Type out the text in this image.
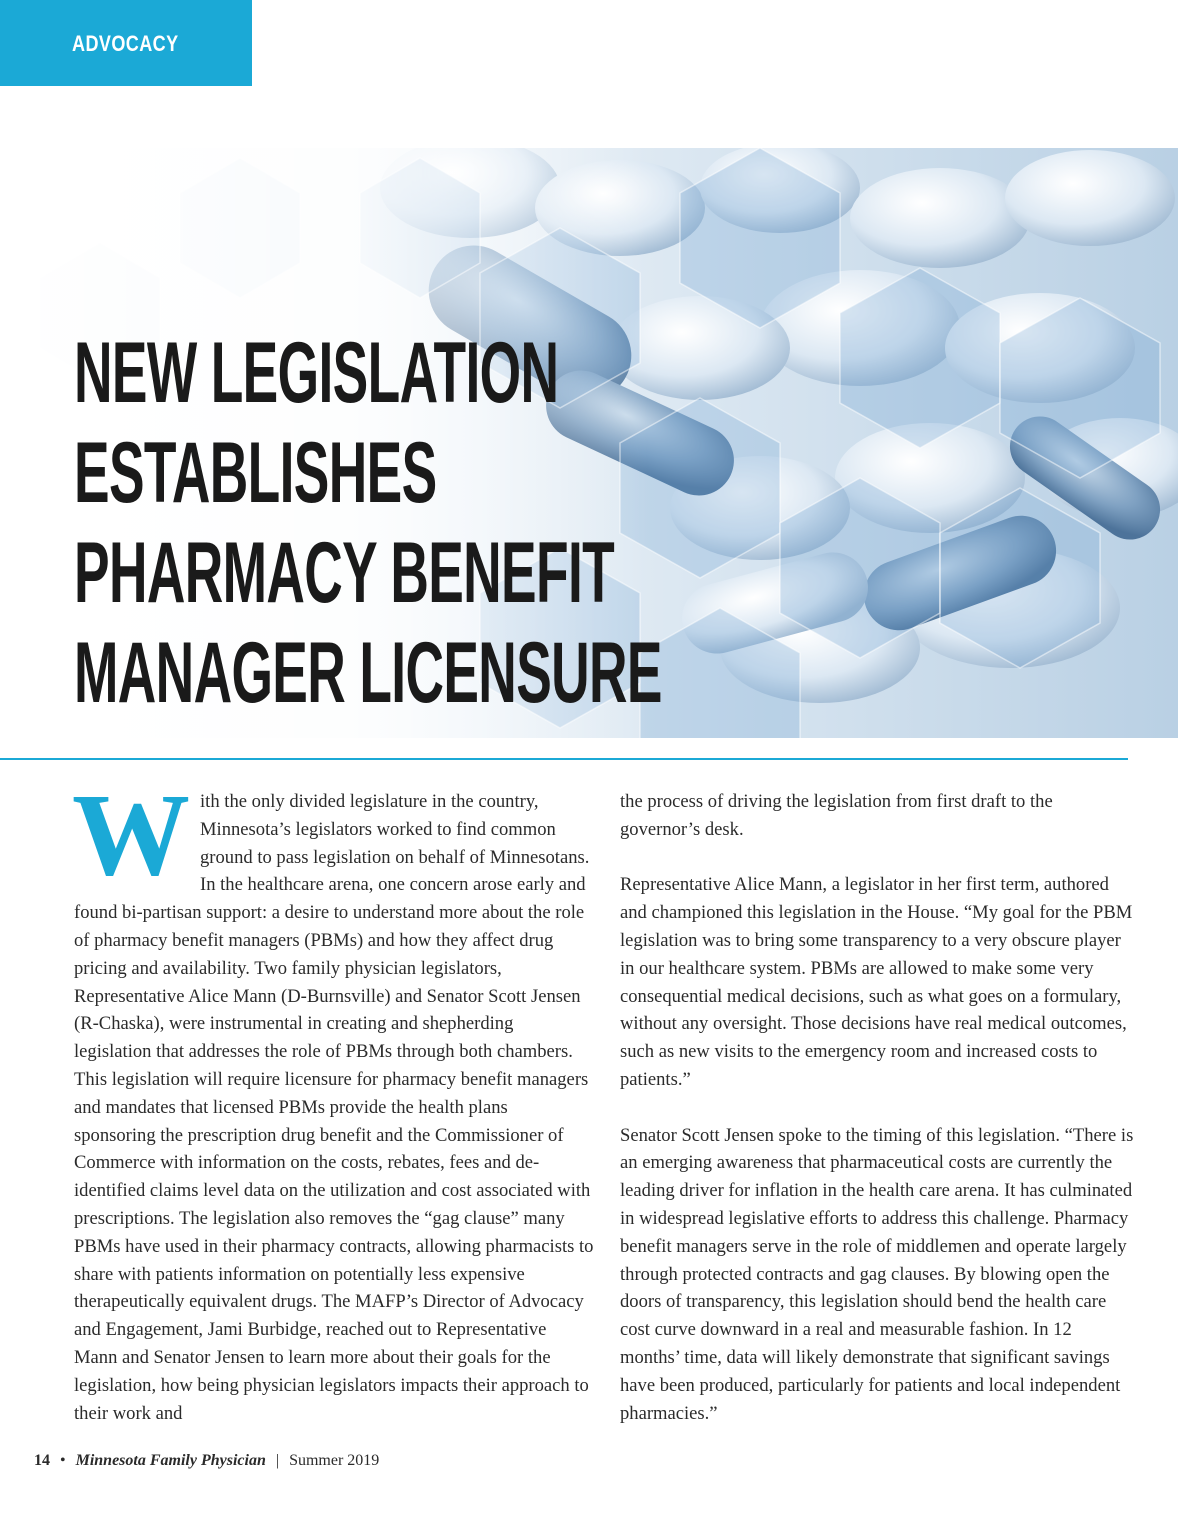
ADVOCACY
NEW LEGISLATION
ESTABLISHES
PHARMACY BENEFIT
MANAGER LICENSURE

With the only divided legislature in the country, Minnesota’s legislators worked to find common ground to pass legislation on behalf of Minnesotans. In the healthcare arena, one concern arose early and found bi-partisan support: a desire to understand more about the role of pharmacy benefit managers (PBMs) and how they affect drug pricing and availability. Two family physician legislators, Representative Alice Mann (D-Burnsville) and Senator Scott Jensen (R-Chaska), were instrumental in creating and shepherding legislation that addresses the role of PBMs through both chambers. This legislation will require licensure for pharmacy benefit managers and mandates that licensed PBMs provide the health plans sponsoring the prescription drug benefit and the Commissioner of Commerce with information on the costs, rebates, fees and de-identified claims level data on the utilization and cost associated with prescriptions. The legislation also removes the “gag clause” many PBMs have used in their pharmacy contracts, allowing pharmacists to share with patients information on potentially less expensive therapeutically equivalent drugs. The MAFP’s Director of Advocacy and Engagement, Jami Burbidge, reached out to Representative Mann and Senator Jensen to learn more about their goals for the legislation, how being physician legislators impacts their approach to their work and

the process of driving the legislation from first draft to the governor’s desk.

Representative Alice Mann, a legislator in her first term, authored and championed this legislation in the House. “My goal for the PBM legislation was to bring some transparency to a very obscure player in our healthcare system. PBMs are allowed to make some very consequential medical decisions, such as what goes on a formulary, without any oversight. Those decisions have real medical outcomes, such as new visits to the emergency room and increased costs to patients.”

Senator Scott Jensen spoke to the timing of this legislation. “There is an emerging awareness that pharmaceutical costs are currently the leading driver for inflation in the health care arena. It has culminated in widespread legislative efforts to address this challenge. Pharmacy benefit managers serve in the role of middlemen and operate largely through protected contracts and gag clauses. By blowing open the doors of transparency, this legislation should bend the health care cost curve downward in a real and measurable fashion. In 12 months’ time, data will likely demonstrate that significant savings have been produced, particularly for patients and local independent pharmacies.”

14 • Minnesota Family Physician | Summer 2019
